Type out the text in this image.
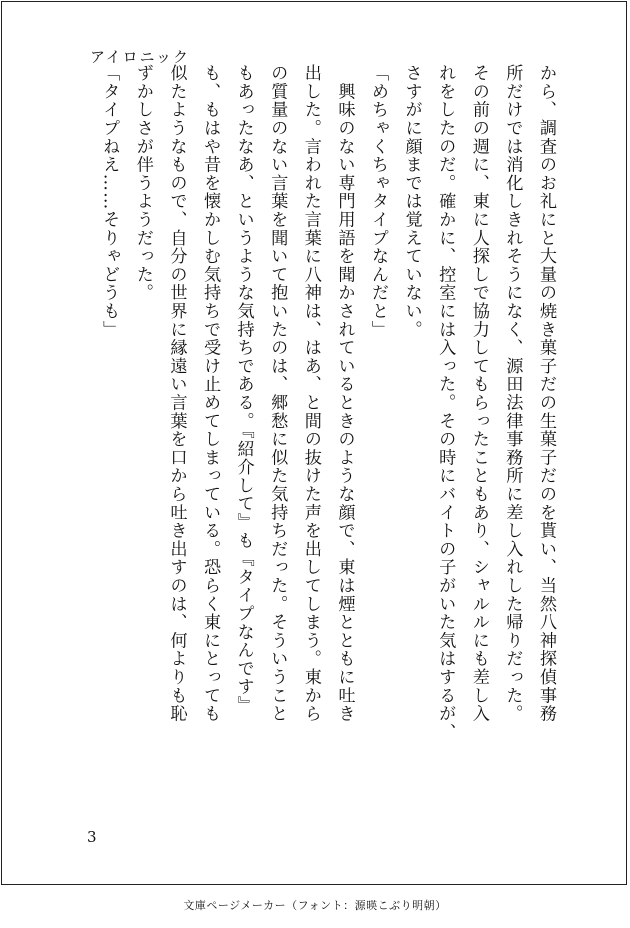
アイロニック

から、調査のお礼にと大量の焼き菓子だの生菓子だのを貰い、当然八神探偵事務
所だけでは消化しきれそうになく、源田法律事務所に差し入れした帰りだった。
その前の週に、東に人探しで協力してもらったこともあり、シャルルにも差し入
れをしたのだ。確かに、控室には入った。その時にバイトの子がいた気はするが、
さすがに顔までは覚えていない。

「めちゃくちゃタイプなんだと」

　興味のない専門用語を聞かされているときのような顔で、東は煙とともに吐き
出した。言われた言葉に八神は、はあ、と間の抜けた声を出してしまう。東から
の質量のない言葉を聞いて抱いたのは、郷愁に似た気持ちだった。そういうこと
もあったなあ、というような気持ちである。『紹介して』も『タイプなんです』
も、もはや昔を懐かしむ気持ちで受け止めてしまっている。恐らく東にとっても
似たようなもので、自分の世界に縁遠い言葉を口から吐き出すのは、何よりも恥
ずかしさが伴うようだった。

「タイプねえ……そりゃどうも」

3
文庫ページメーカー（フォント：源暎こぶり明朝）
